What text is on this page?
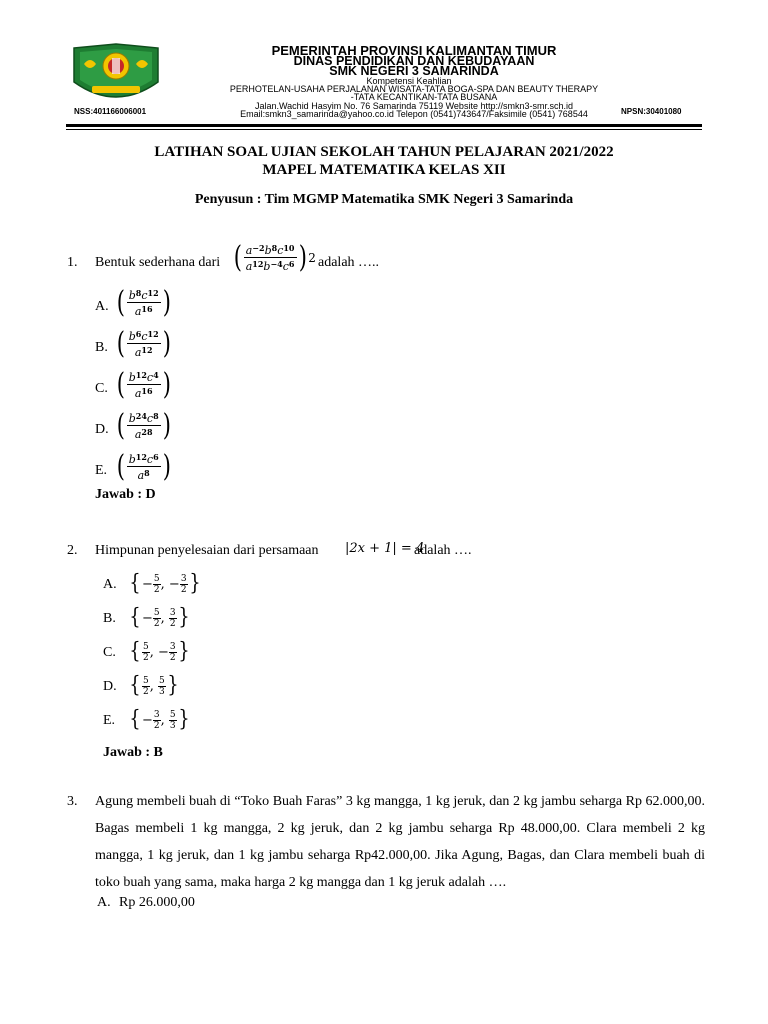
PEMERINTAH PROVINSI KALIMANTAN TIMUR
DINAS PENDIDIKAN DAN KEBUDAYAAN
SMK NEGERI 3 SAMARINDA
Kompetensi Keahlian
PERHOTELAN-USAHA PERJALANAN WISATA-TATA BOGA-SPA DAN BEAUTY THERAPY
-TATA KECANTIKAN-TATA BUSANA
Jalan.Wachid Hasyim No. 76 Samarinda 75119 Website http://smkn3-smr.sch.id
Email:smkn3_samarinda@yahoo.co.id Telepon (0541)743647/Faksimile (0541) 768544
NSS:401166006001	NPSN:30401080
LATIHAN SOAL UJIAN SEKOLAH TAHUN PELAJARAN 2021/2022
MAPEL MATEMATIKA KELAS XII
Penyusun : Tim MGMP Matematika SMK Negeri 3 Samarinda
1. Bentuk sederhana dari ( $\frac{a^{-2}b^8c^{10}}{a^{12}b^{-4}c^6}$ ) 2 adalah …..
A. ( $\frac{b^8c^{12}}{a^{16}}$ )
B. ( $\frac{b^6c^{12}}{a^{12}}$ )
C. ( $\frac{b^{12}c^4}{a^{16}}$ )
D. ( $\frac{b^{24}c^8}{a^{28}}$ )
E. ( $\frac{b^{12}c^6}{a^8}$ )
Jawab : D
2. Himpunan penyelesaian dari persamaan |2x + 1| = 4
adalah ….
A. { − $\frac{5}{2}$ , − $\frac{3}{2}$ }
B. { − $\frac{5}{2}$ , 3
2 }
C. { 5
2 , − $\frac{3}{2}$ }
D. { 5
2 , 5
3 }
E. { − $\frac{3}{2}$ , 5
3 }
Jawab : B
3. Agung membeli buah di “Toko Buah Faras” 3 kg mangga, 1 kg jeruk, dan 2 kg jambu seharga Rp 62.000,00. Bagas membeli 1 kg mangga, 2 kg jeruk, dan 2 kg jambu seharga Rp 48.000,00. Clara membeli 2 kg mangga, 1 kg jeruk, dan 1 kg jambu seharga Rp42.000,00. Jika Agung, Bagas, dan Clara membeli buah di toko buah yang sama, maka harga 2 kg mangga dan 1 kg jeruk adalah ….
A. Rp 26.000,00
